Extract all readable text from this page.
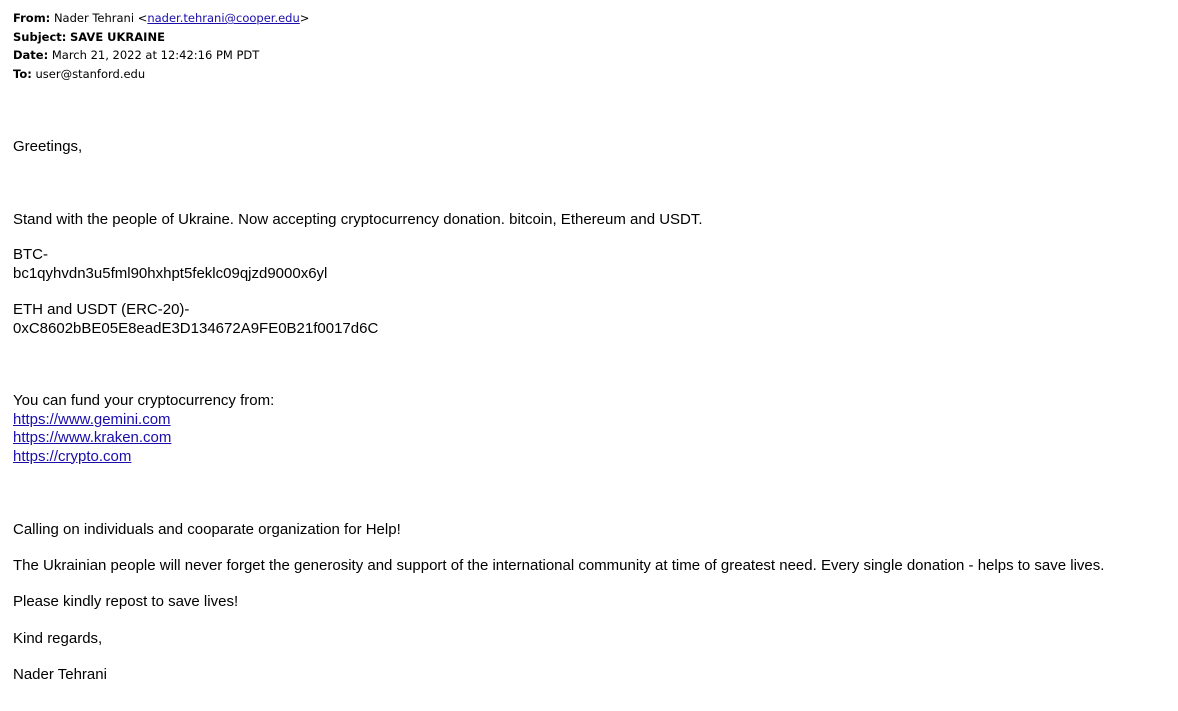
From: Nader Tehrani <nader.tehrani@cooper.edu>
Subject: SAVE UKRAINE
Date: March 21, 2022 at 12:42:16 PM PDT
To: user@stanford.edu
Greetings,
Stand with the people of Ukraine. Now accepting cryptocurrency donation. bitcoin, Ethereum and USDT.
BTC-
bc1qyhvdn3u5fml90hxhpt5feklc09qjzd9000x6yl
ETH and USDT (ERC-20)-
0xC8602bBE05E8eadE3D134672A9FE0B21f0017d6C
You can fund your cryptocurrency from:
https://www.gemini.com
https://www.kraken.com
https://crypto.com
Calling on individuals and cooparate organization for Help!
The Ukrainian people will never forget the generosity and support of the international community at time of greatest need. Every single donation - helps to save lives.
Please kindly repost to save lives!
Kind regards,
Nader Tehrani
